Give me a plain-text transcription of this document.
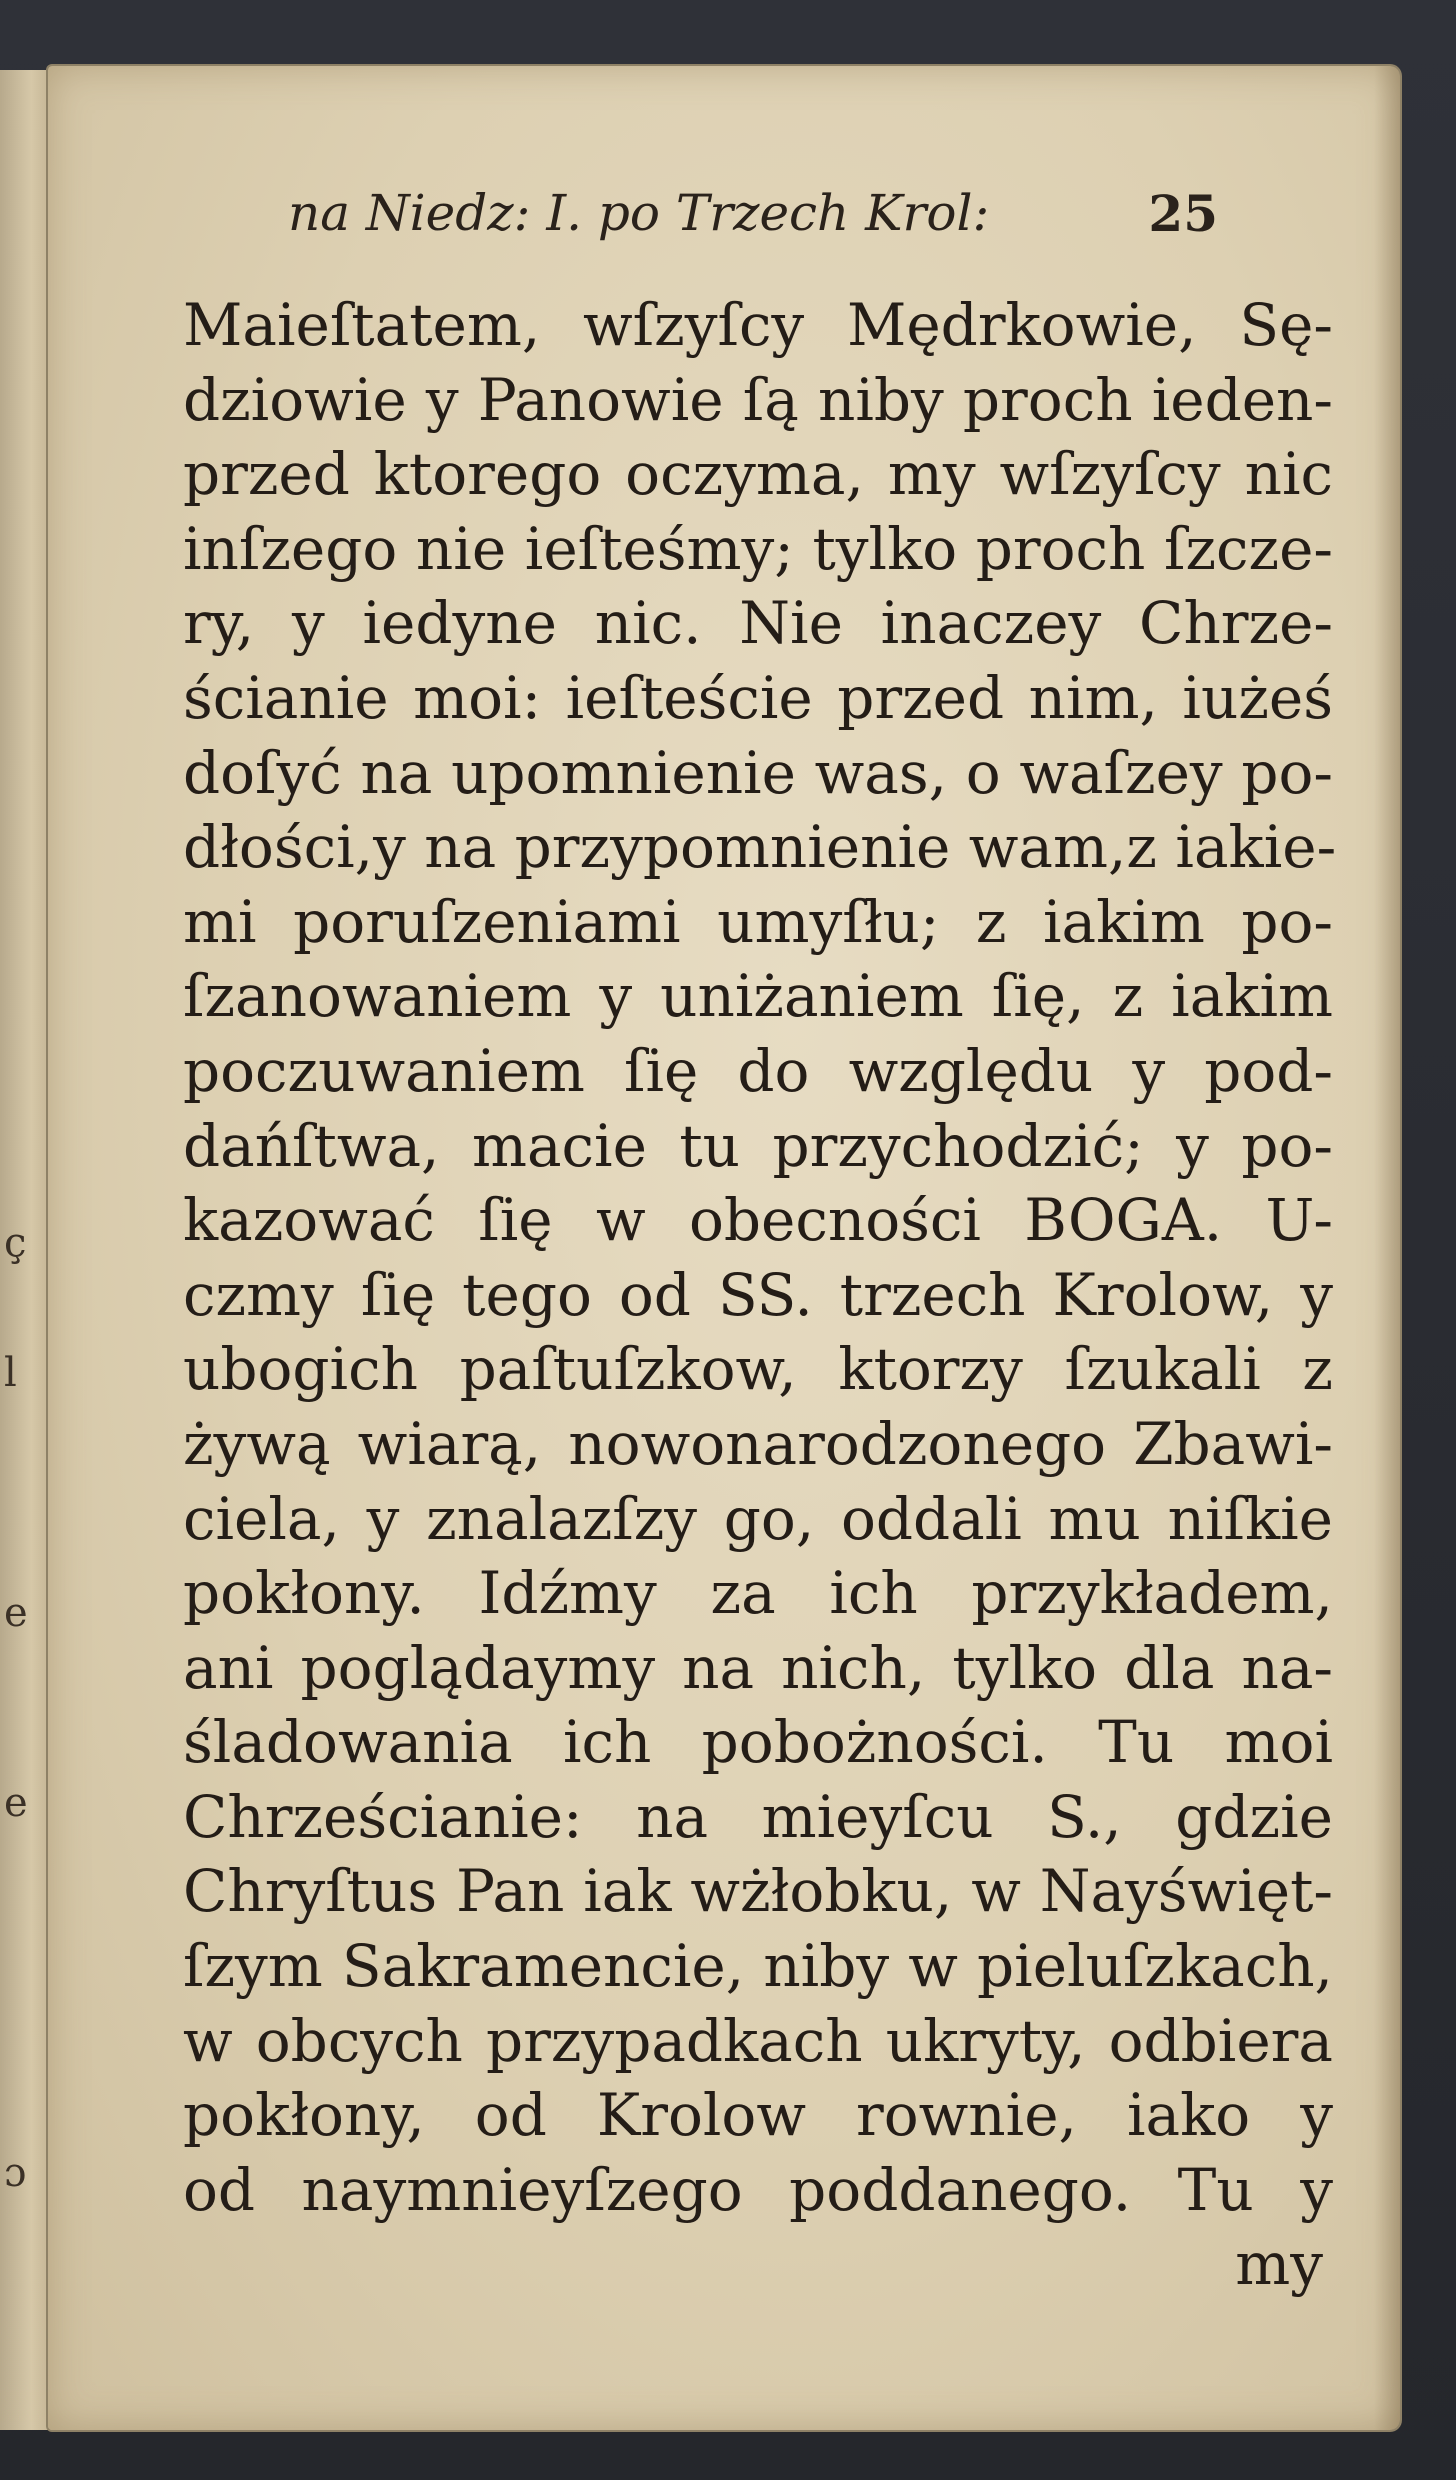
ç
l
e
e
ɔ
na Niedz: I. po Trzech Krol:	25
Maieſtatem, wſzyſcy Mędrkowie, Sę-
dziowie y Panowie ſą niby proch ieden-
przed ktorego oczyma, my wſzyſcy nic
inſzego nie ieſteśmy; tylko proch ſzcze-
ry, y iedyne nic. Nie inaczey Chrze-
ścianie moi: ieſteście przed nim, iużeś
doſyć na upomnienie was, o waſzey po-
dłości,y na przypomnienie wam,z iakie-
mi poruſzeniami umyſłu; z iakim po-
ſzanowaniem y uniżaniem ſię, z iakim
poczuwaniem ſię do względu y pod-
dańſtwa, macie tu przychodzić; y po-
kazować ſię w obecności BOGA. U-
czmy ſię tego od SS. trzech Krolow, y
ubogich paſtuſzkow, ktorzy ſzukali z
żywą wiarą, nowonarodzonego Zbawi-
ciela, y znalazſzy go, oddali mu niſkie
pokłony. Idźmy za ich przykładem,
ani poglądaymy na nich, tylko dla na-
śladowania ich pobożności. Tu moi
Chrześcianie: na mieyſcu S., gdzie
Chryſtus Pan iak wżłobku, w Nayświęt-
ſzym Sakramencie, niby w pieluſzkach,
w obcych przypadkach ukryty, odbiera
pokłony, od Krolow rownie, iako y
od naymnieyſzego poddanego. Tu y
my
